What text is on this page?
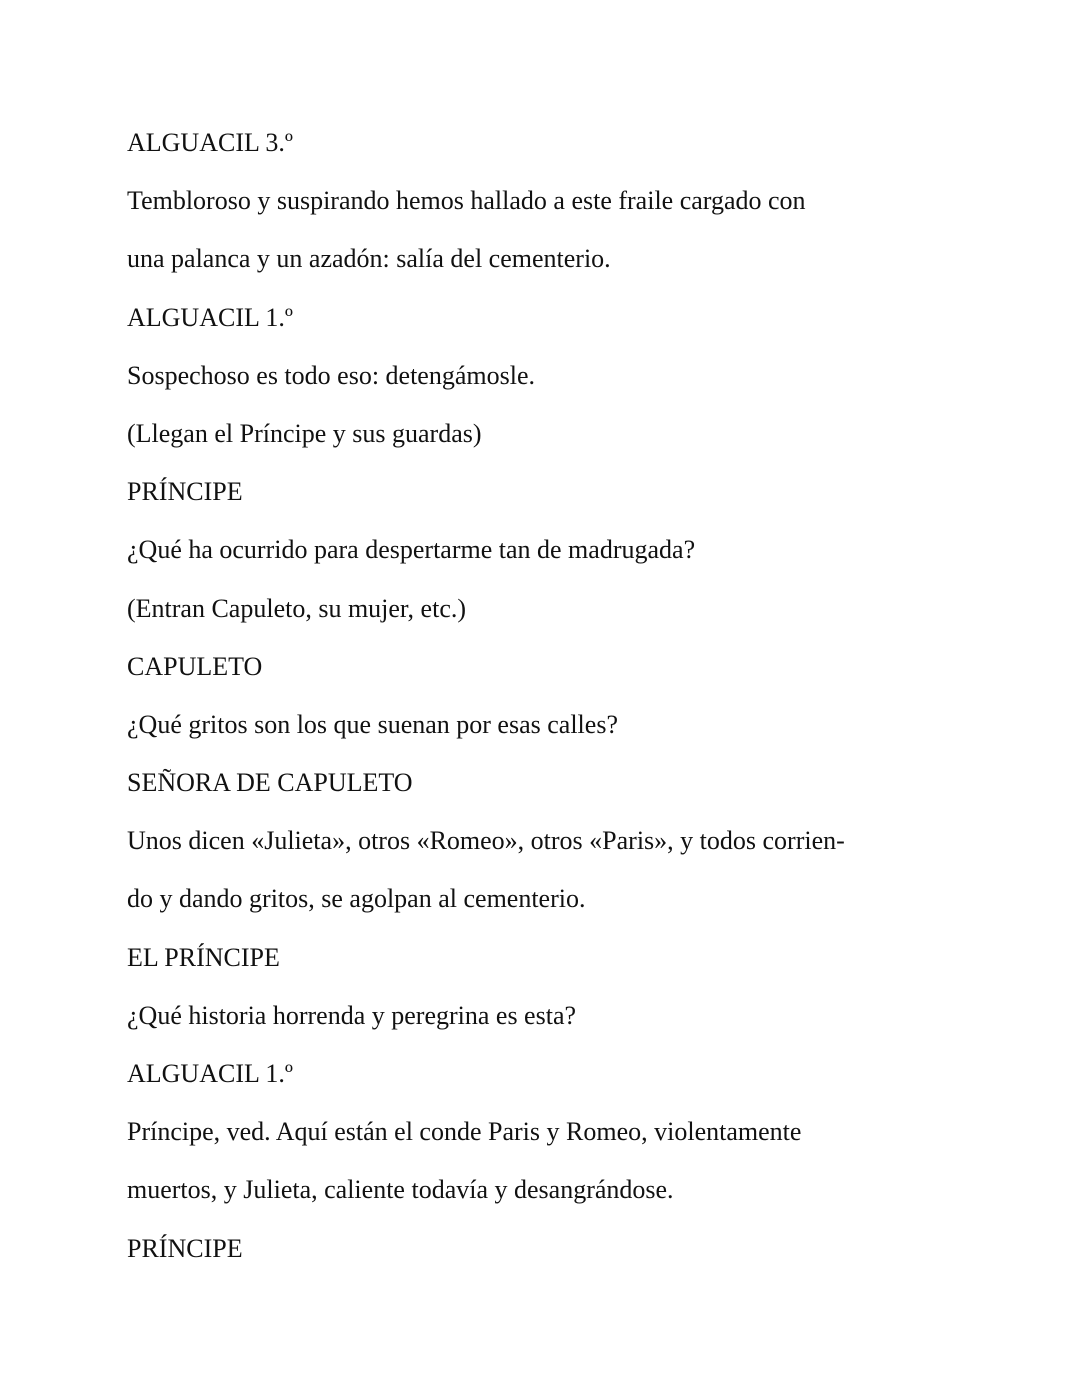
ALGUACIL 3.º

Tembloroso y suspirando hemos hallado a este fraile cargado con

una palanca y un azadón: salía del cementerio.

ALGUACIL 1.º

Sospechoso es todo eso: detengámosle.

(Llegan el Príncipe y sus guardas)

PRÍNCIPE

¿Qué ha ocurrido para despertarme tan de madrugada?

(Entran Capuleto, su mujer, etc.)

CAPULETO

¿Qué gritos son los que suenan por esas calles?

SEÑORA DE CAPULETO

Unos dicen «Julieta», otros «Romeo», otros «Paris», y todos corrien-

do y dando gritos, se agolpan al cementerio.

EL PRÍNCIPE

¿Qué historia horrenda y peregrina es esta?

ALGUACIL 1.º

Príncipe, ved. Aquí están el conde Paris y Romeo, violentamente

muertos, y Julieta, caliente todavía y desangrándose.

PRÍNCIPE
